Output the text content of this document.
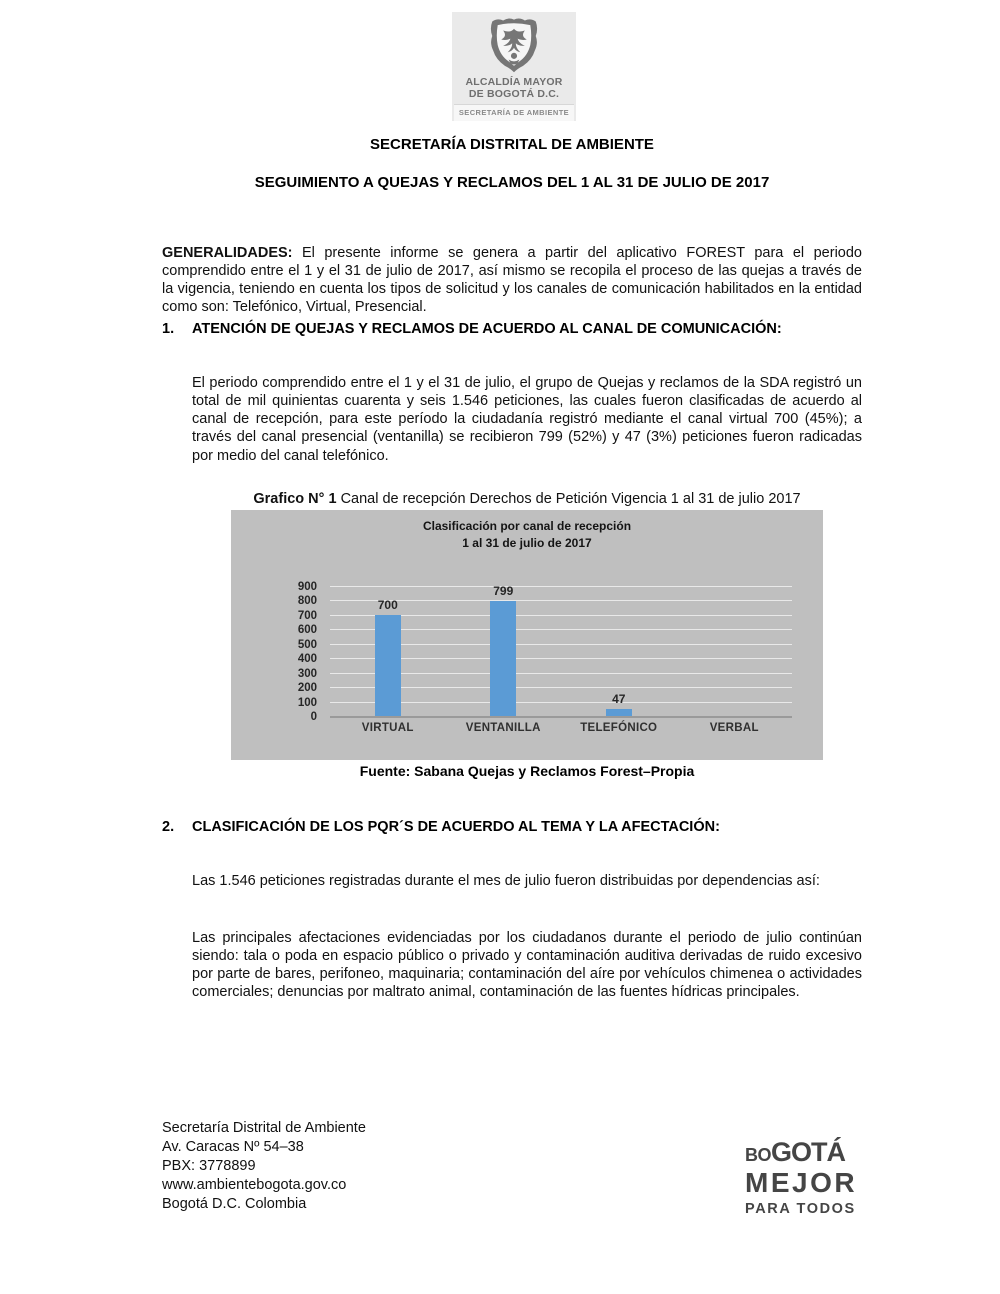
ALCALDÍA MAYOR
DE BOGOTÁ D.C.
SECRETARÍA DE AMBIENTE
SECRETARÍA DISTRITAL DE AMBIENTE
SEGUIMIENTO A QUEJAS Y RECLAMOS DEL 1 AL 31 DE JULIO DE 2017

GENERALIDADES: El presente informe se genera a partir del aplicativo FOREST para el periodo comprendido entre el 1 y el 31 de julio de 2017, así mismo se recopila el proceso de las quejas a través de la vigencia, teniendo en cuenta los tipos de solicitud y los canales de comunicación habilitados en la entidad como son: Telefónico, Virtual, Presencial.

1. ATENCIÓN DE QUEJAS Y RECLAMOS DE ACUERDO AL CANAL DE COMUNICACIÓN:

El periodo comprendido entre el 1 y el 31 de julio, el grupo de Quejas y reclamos de la SDA registró un total de mil quinientas cuarenta y seis 1.546 peticiones, las cuales fueron clasificadas de acuerdo al canal de recepción, para este período la ciudadanía registró mediante el canal virtual 700 (45%); a través del canal presencial (ventanilla) se recibieron 799 (52%) y 47 (3%) peticiones fueron radicadas por medio del canal telefónico.

Grafico N° 1 Canal de recepción Derechos de Petición Vigencia 1 al 31 de julio 2017

Clasificación por canal de recepción
1 al 31 de julio de 2017
0
100
200
300
400
500
600
700
800
900
700
799
47
VIRTUAL	VENTANILLA	TELEFÓNICO	VERBAL
Fuente: Sabana Quejas y Reclamos Forest–Propia
2. CLASIFICACIÓN DE LOS PQR´S DE ACUERDO AL TEMA Y LA AFECTACIÓN:

Las 1.546 peticiones registradas durante el mes de julio fueron distribuidas por dependencias así:

Las principales afectaciones evidenciadas por los ciudadanos durante el periodo de julio continúan siendo: tala o poda en espacio público o privado y contaminación auditiva derivadas de ruido excesivo por parte de bares, perifoneo, maquinaria; contaminación del aíre por vehículos chimenea o actividades comerciales; denuncias por maltrato animal, contaminación de las fuentes hídricas principales.

Secretaría Distrital de Ambiente
Av. Caracas Nº 54–38
PBX: 3778899
www.ambientebogota.gov.co
Bogotá D.C. Colombia
BO GOTÁ
MEJOR
PARA TODOS
